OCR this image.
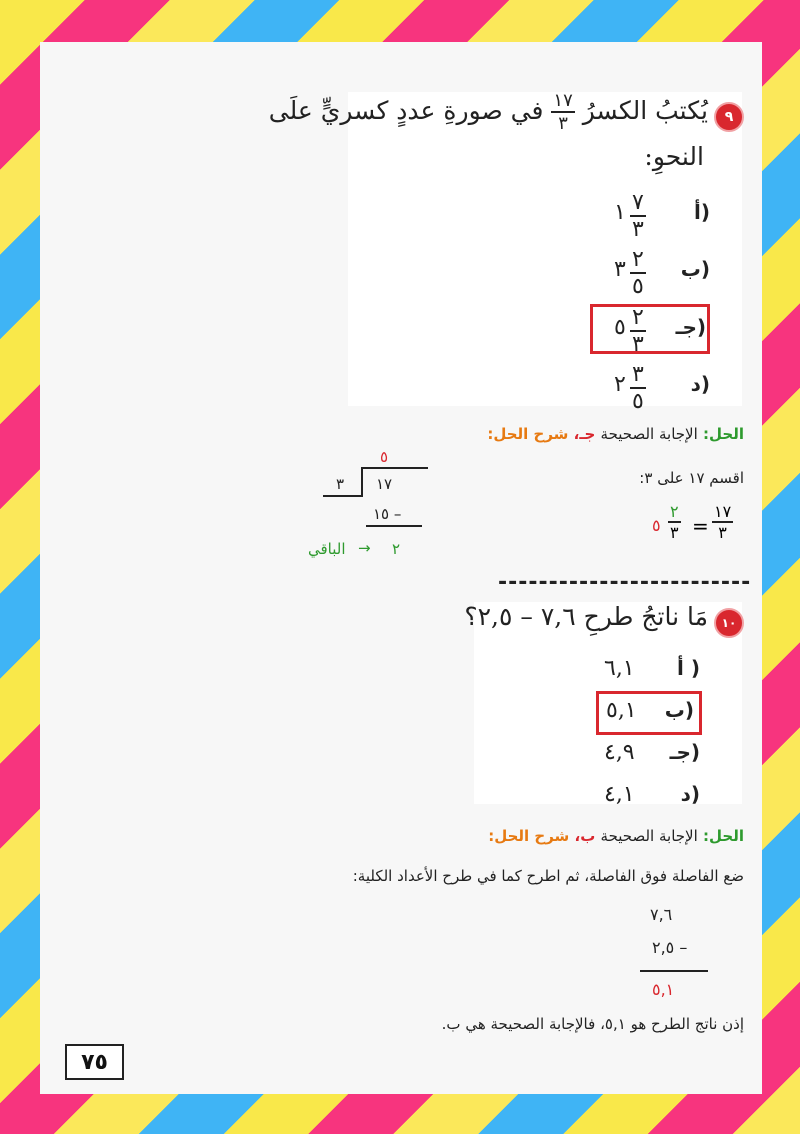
٩
يُكتبُ الكسرُ
$\frac{١٧}{٣}$
في صورةِ عددٍ كسريٍّ علَى
النحوِ:
أ)
٧
٣
١
ب)
٢
٥
٣
جـ)
٢
٣
٥
د)
٣
٥
٢
الحل: الإجابة الصحيحة جـ، شرح الحل:
٥
٣ ١٧
١٥ –
٢
→
الباقي
اقسم ١٧ على ٣:
١٧
٣
=
٢
٣
٥
-------------------------
١٠
مَا ناتجُ طرحِ ٧,٦ – ٢,٥؟
أ )
٦,١
ب)
٥,١
جـ)
٤,٩
د)
٤,١
الحل: الإجابة الصحيحة ب، شرح الحل:
ضع الفاصلة فوق الفاصلة، ثم اطرح كما في طرح الأعداد الكلية:
٧,٦
٢,٥ –
٥,١
إذن ناتج الطرح هو ٥,١، فالإجابة الصحيحة هي ب.
٧٥
